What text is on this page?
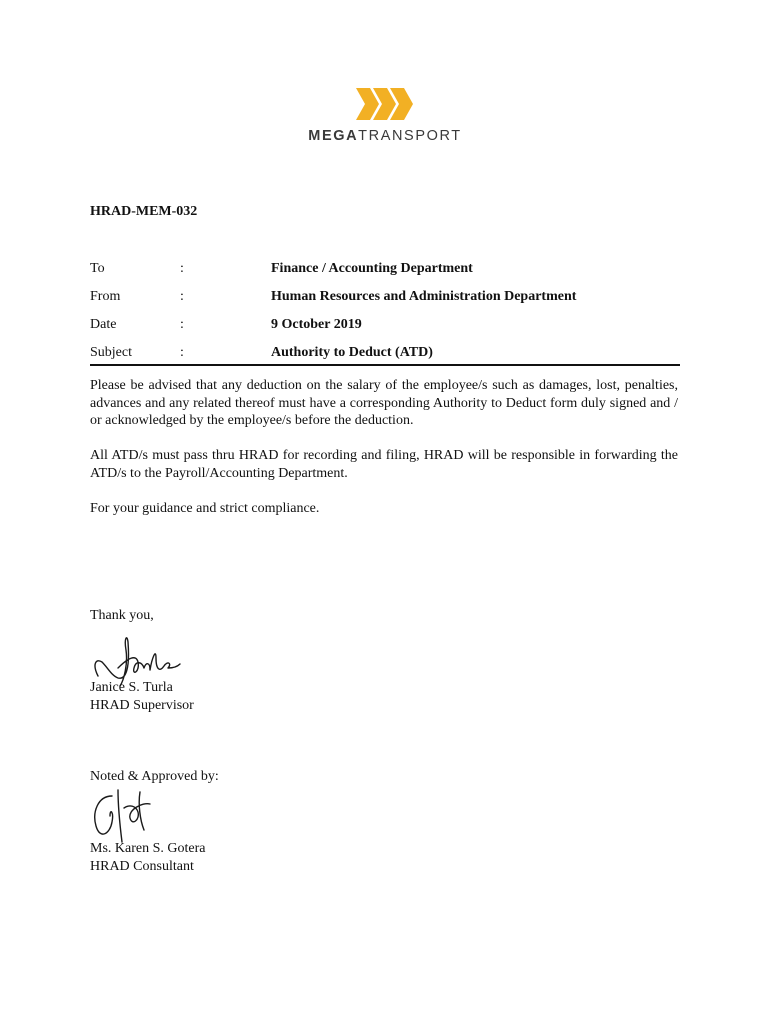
MEGATRANSPORT
HRAD-MEM-032
To	:	Finance / Accounting Department
From	:	Human Resources and Administration Department
Date	:	9 October 2019
Subject	:	Authority to Deduct (ATD)

Please be advised that any deduction on the salary of the employee/s such as damages, lost, penalties, advances and any related thereof must have a corresponding Authority to Deduct form duly signed and / or acknowledged by the employee/s before the deduction.

All ATD/s must pass thru HRAD for recording and filing, HRAD will be responsible in forwarding the ATD/s to the Payroll/Accounting Department.

For your guidance and strict compliance.

Thank you,
Janice S. Turla
HRAD Supervisor
Noted & Approved by:
Ms. Karen S. Gotera
HRAD Consultant
